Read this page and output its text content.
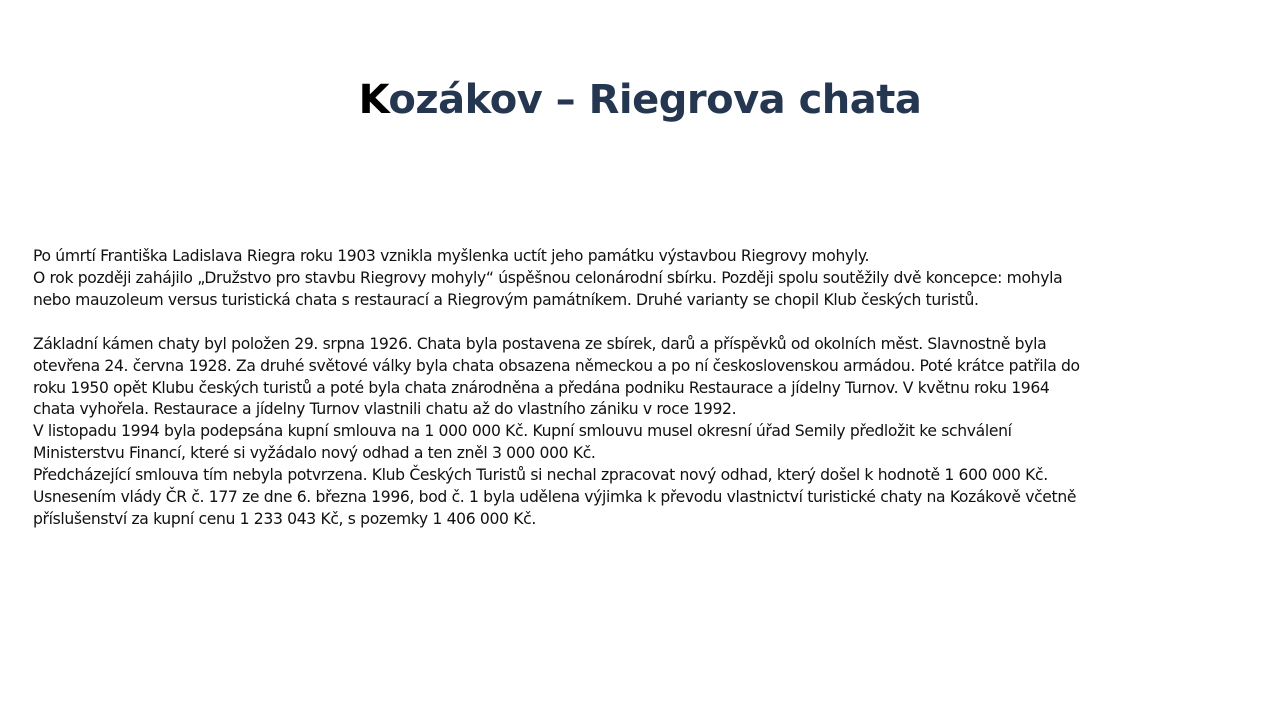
Kozákov – Riegrova chata

Po úmrtí Františka Ladislava Riegra roku 1903 vznikla myšlenka uctít jeho památku výstavbou Riegrovy mohyly.
O rok později zahájilo „Družstvo pro stavbu Riegrovy mohyly“ úspěšnou celonárodní sbírku. Později spolu soutěžily dvě koncepce: mohyla
nebo mauzoleum versus turistická chata s restaurací a Riegrovým památníkem. Druhé varianty se chopil Klub českých turistů.

Základní kámen chaty byl položen 29. srpna 1926. Chata byla postavena ze sbírek, darů a příspěvků od okolních měst. Slavnostně byla
otevřena 24. června 1928. Za druhé světové války byla chata obsazena německou a po ní československou armádou. Poté krátce patřila do
roku 1950 opět Klubu českých turistů a poté byla chata znárodněna a předána podniku Restaurace a jídelny Turnov. V květnu roku 1964
chata vyhořela. Restaurace a jídelny Turnov vlastnili chatu až do vlastního zániku v roce 1992.
V listopadu 1994 byla podepsána kupní smlouva na 1 000 000 Kč. Kupní smlouvu musel okresní úřad Semily předložit ke schválení
Ministerstvu Financí, které si vyžádalo nový odhad a ten zněl 3 000 000 Kč.
Předcházející smlouva tím nebyla potvrzena. Klub Českých Turistů si nechal zpracovat nový odhad, který došel k hodnotě 1 600 000 Kč.
Usnesením vlády ČR č. 177 ze dne 6. března 1996, bod č. 1 byla udělena výjimka k převodu vlastnictví turistické chaty na Kozákově včetně
příslušenství za kupní cenu 1 233 043 Kč, s pozemky 1 406 000 Kč.
